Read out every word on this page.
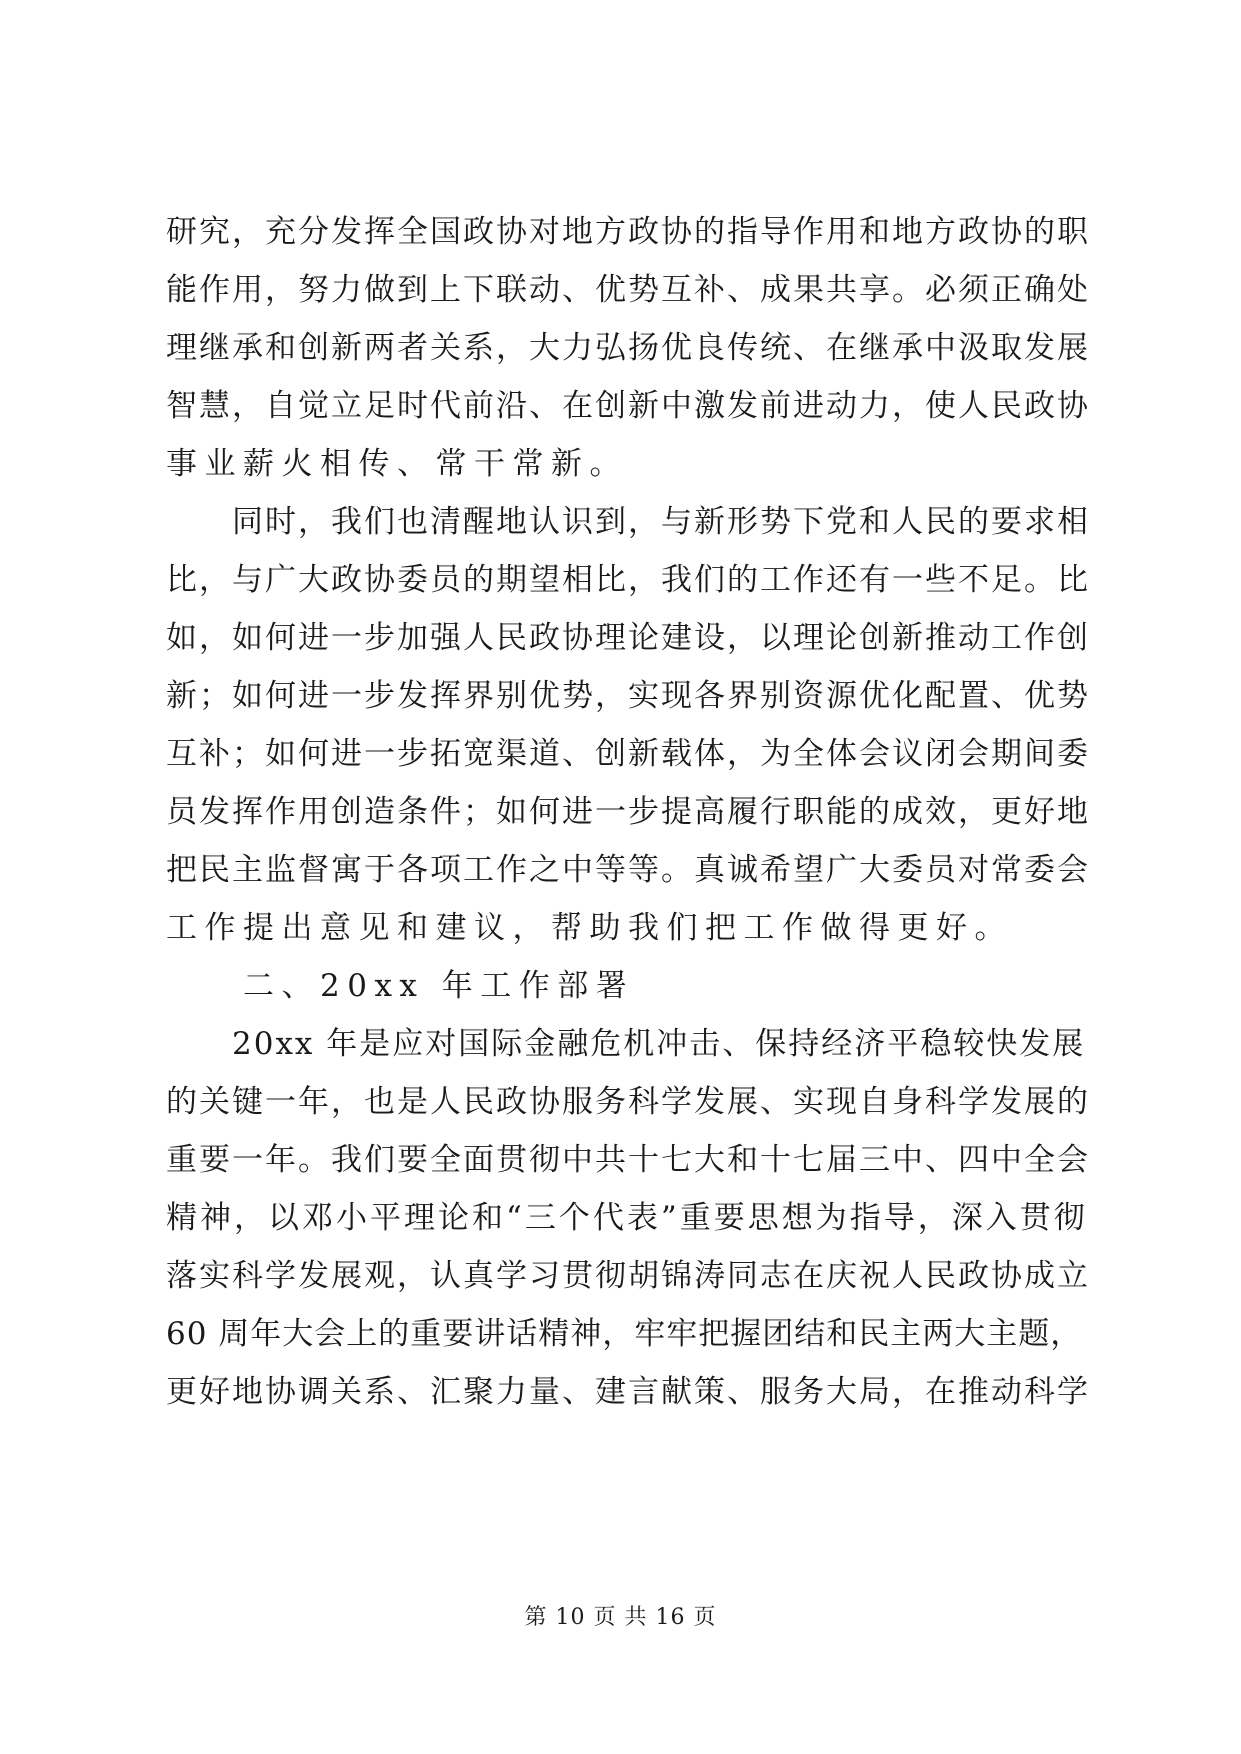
研究，充分发挥全国政协对地方政协的指导作用和地方政协的职
能作用，努力做到上下联动、优势互补、成果共享。必须正确处
理继承和创新两者关系，大力弘扬优良传统、在继承中汲取发展
智慧，自觉立足时代前沿、在创新中激发前进动力，使人民政协
事业薪火相传、常干常新。
　　同时，我们也清醒地认识到，与新形势下党和人民的要求相
比，与广大政协委员的期望相比，我们的工作还有一些不足。比
如，如何进一步加强人民政协理论建设，以理论创新推动工作创
新；如何进一步发挥界别优势，实现各界别资源优化配置、优势
互补；如何进一步拓宽渠道、创新载体，为全体会议闭会期间委
员发挥作用创造条件；如何进一步提高履行职能的成效，更好地
把民主监督寓于各项工作之中等等。真诚希望广大委员对常委会
工作提出意见和建议，帮助我们把工作做得更好。
　　二、20xx 年工作部署
　　20xx 年是应对国际金融危机冲击、保持经济平稳较快发展
的关键一年，也是人民政协服务科学发展、实现自身科学发展的
重要一年。我们要全面贯彻中共十七大和十七届三中、四中全会
精神，以邓小平理论和“三个代表”重要思想为指导，深入贯彻
落实科学发展观，认真学习贯彻胡锦涛同志在庆祝人民政协成立
60 周年大会上的重要讲话精神，牢牢把握团结和民主两大主题，
更好地协调关系、汇聚力量、建言献策、服务大局，在推动科学
第 10 页 共 16 页
